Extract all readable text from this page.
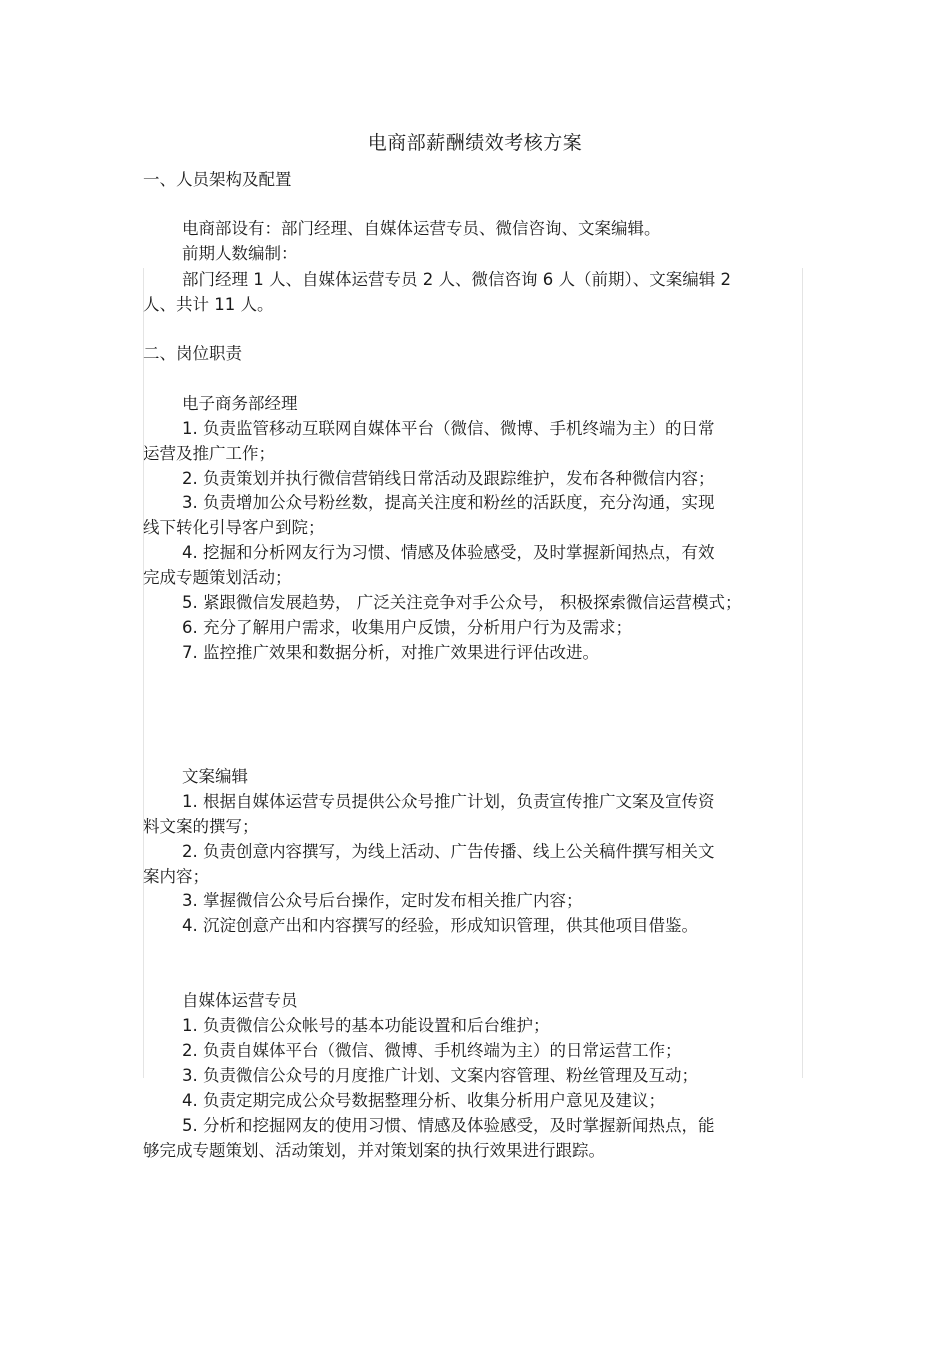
电商部薪酬绩效考核方案
一、人员架构及配置
电商部设有：部门经理、自媒体运营专员、微信咨询、文案编辑。
前期人数编制：
部门经理 1 人、自媒体运营专员 2 人、微信咨询 6 人（前期）、文案编辑 2
人、共计 11 人。
二、岗位职责
电子商务部经理
1. 负责监管移动互联网自媒体平台（微信、微博、手机终端为主）的日常
运营及推广工作；
2. 负责策划并执行微信营销线日常活动及跟踪维护，发布各种微信内容；
3. 负责增加公众号粉丝数，提高关注度和粉丝的活跃度，充分沟通，实现
线下转化引导客户到院；
4. 挖掘和分析网友行为习惯、情感及体验感受，及时掌握新闻热点，有效
完成专题策划活动；
5. 紧跟微信发展趋势， 广泛关注竞争对手公众号， 积极探索微信运营模式；
6. 充分了解用户需求，收集用户反馈，分析用户行为及需求；
7. 监控推广效果和数据分析，对推广效果进行评估改进。
文案编辑
1. 根据自媒体运营专员提供公众号推广计划，负责宣传推广文案及宣传资
料文案的撰写；
2. 负责创意内容撰写，为线上活动、广告传播、线上公关稿件撰写相关文
案内容；
3. 掌握微信公众号后台操作，定时发布相关推广内容；
4. 沉淀创意产出和内容撰写的经验，形成知识管理，供其他项目借鉴。
自媒体运营专员
1. 负责微信公众帐号的基本功能设置和后台维护；
2. 负责自媒体平台（微信、微博、手机终端为主）的日常运营工作；
3. 负责微信公众号的月度推广计划、文案内容管理、粉丝管理及互动；
4. 负责定期完成公众号数据整理分析、收集分析用户意见及建议；
5. 分析和挖掘网友的使用习惯、情感及体验感受，及时掌握新闻热点，能
够完成专题策划、活动策划，并对策划案的执行效果进行跟踪。
